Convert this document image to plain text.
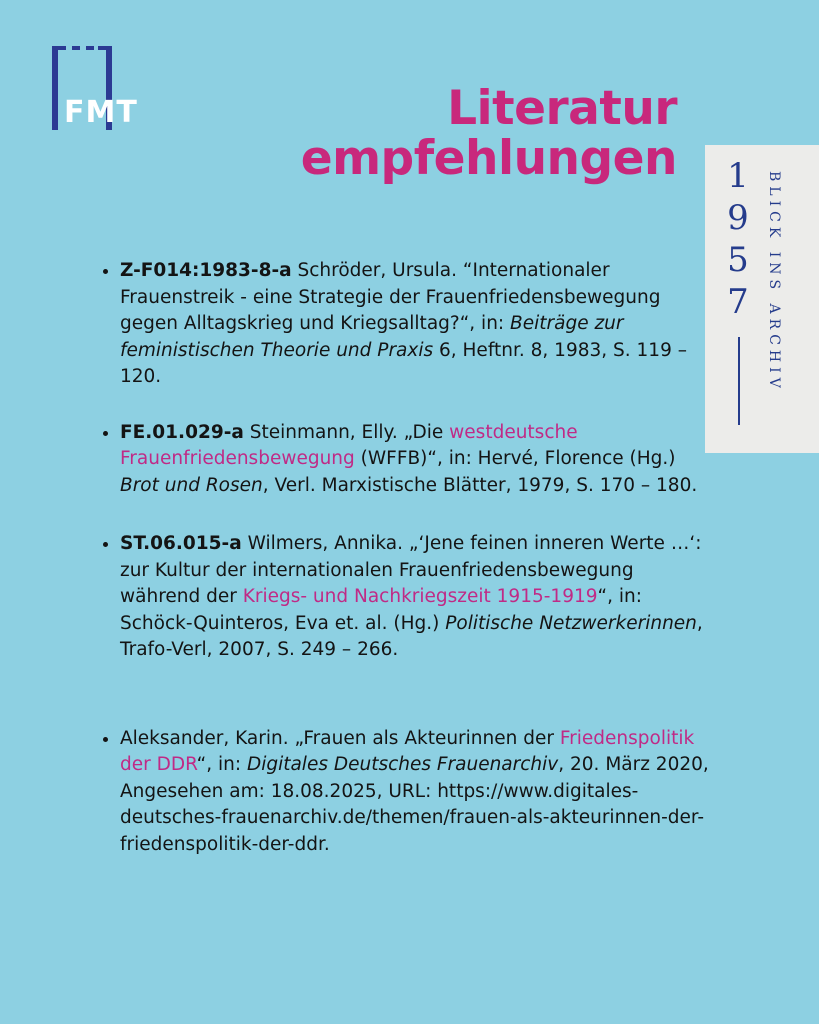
FMT	Literatur
empfehlungen 1
9
5
7 BLICK INS ARCHIV
• Z-F014:1983-8-a Schröder, Ursula. “Internationaler Frauenstreik - eine Strategie der Frauenfriedensbewegung gegen Alltagskrieg und Kriegsalltag?“, in: Beiträge zur feministischen Theorie und Praxis 6, Heftnr. 8, 1983, S. 119 – 120.
• FE.01.029-a Steinmann, Elly. „Die westdeutsche Frauenfriedensbewegung (WFFB)“, in: Hervé, Florence (Hg.) Brot und Rosen, Verl. Marxistische Blätter, 1979, S. 170 – 180.
• ST.06.015-a Wilmers, Annika. „‘Jene feinen inneren Werte …‘: zur Kultur der internationalen Frauenfriedensbewegung während der Kriegs- und Nachkriegszeit 1915-1919“, in: Schöck-Quinteros, Eva et. al. (Hg.) Politische Netzwerkerinnen, Trafo-Verl, 2007, S. 249 – 266.
• Aleksander, Karin. „Frauen als Akteurinnen der Friedenspolitik der DDR“, in: Digitales Deutsches Frauenarchiv, 20. März 2020, Angesehen am: 18.08.2025, URL: https://www.digitales-deutsches-frauenarchiv.de/themen/frauen-als-akteurinnen-der-friedenspolitik-der-ddr.
